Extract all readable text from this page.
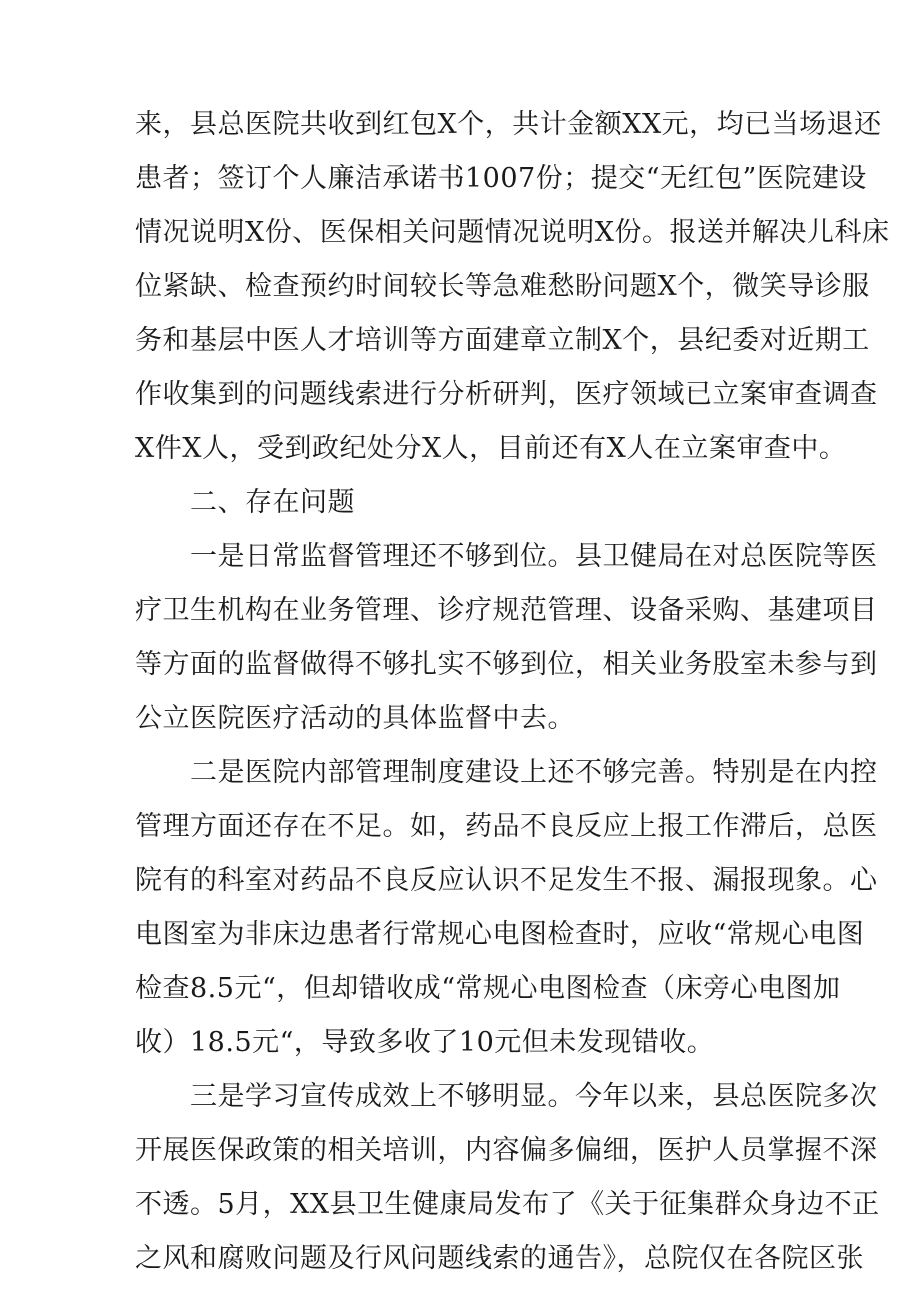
来，县总医院共收到红包X个，共计金额XX元，均已当场退还
患者；签订个人廉洁承诺书1007份；提交“无红包”医院建设
情况说明X份、医保相关问题情况说明X份。报送并解决儿科床
位紧缺、检查预约时间较长等急难愁盼问题X个，微笑导诊服
务和基层中医人才培训等方面建章立制X个，县纪委对近期工
作收集到的问题线索进行分析研判，医疗领域已立案审查调查
X件X人，受到政纪处分X人，目前还有X人在立案审查中。
二、存在问题
一是日常监督管理还不够到位。县卫健局在对总医院等医
疗卫生机构在业务管理、诊疗规范管理、设备采购、基建项目
等方面的监督做得不够扎实不够到位，相关业务股室未参与到
公立医院医疗活动的具体监督中去。
二是医院内部管理制度建设上还不够完善。特别是在内控
管理方面还存在不足。如，药品不良反应上报工作滞后，总医
院有的科室对药品不良反应认识不足发生不报、漏报现象。心
电图室为非床边患者行常规心电图检查时，应收“常规心电图
检查8.5元“，但却错收成“常规心电图检查（床旁心电图加
收）18.5元“，导致多收了10元但未发现错收。
三是学习宣传成效上不够明显。今年以来，县总医院多次
开展医保政策的相关培训，内容偏多偏细，医护人员掌握不深
不透。5月，XX县卫生健康局发布了《关于征集群众身边不正
之风和腐败问题及行风问题线索的通告》，总院仅在各院区张
